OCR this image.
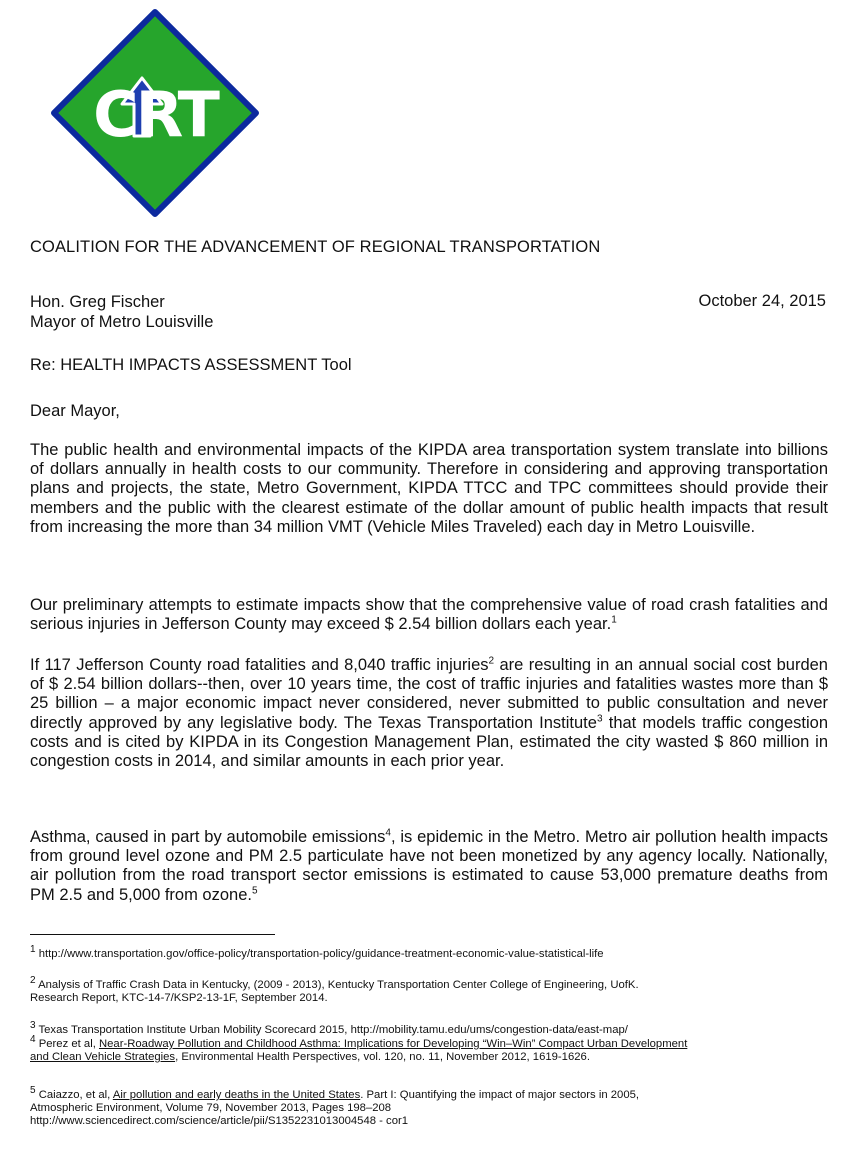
CRT
COALITION FOR THE ADVANCEMENT OF REGIONAL TRANSPORTATION
Hon. Greg Fischer
Mayor of Metro Louisville
October 24, 2015
Re: HEALTH IMPACTS ASSESSMENT Tool
Dear Mayor,

The public health and environmental impacts of the KIPDA area transportation system translate into billions of dollars annually in health costs to our community. Therefore in considering and approving transportation plans and projects, the state, Metro Government, KIPDA TTCC and TPC committees should provide their members and the public with the clearest estimate of the dollar amount of public health impacts that result from increasing the more than 34 million VMT (Vehicle Miles Traveled) each day in Metro Louisville.

Our preliminary attempts to estimate impacts show that the comprehensive value of road crash fatalities and serious injuries in Jefferson County may exceed $ 2.54 billion dollars each year.$^1$

If 117 Jefferson County road fatalities and 8,040 traffic injuries$^2$ are resulting in an annual social cost burden of $ 2.54 billion dollars--then, over 10 years time, the cost of traffic injuries and fatalities wastes more than $ 25 billion – a major economic impact never considered, never submitted to public consultation and never directly approved by any legislative body. The Texas Transportation Institute$^3$ that models traffic congestion costs and is cited by KIPDA in its Congestion Management Plan, estimated the city wasted $ 860 million in congestion costs in 2014, and similar amounts in each prior year.

Asthma, caused in part by automobile emissions$^4$, is epidemic in the Metro. Metro air pollution health impacts from ground level ozone and PM 2.5 particulate have not been monetized by any agency locally. Nationally, air pollution from the road transport sector emissions is estimated to cause 53,000 premature deaths from PM 2.5 and 5,000 from ozone.$^5$

$^1$ http://www.transportation.gov/office-policy/transportation-policy/guidance-treatment-economic-value-statistical-life

$^2$ Analysis of Traffic Crash Data in Kentucky, (2009 - 2013), Kentucky Transportation Center College of Engineering, UofK.
Research Report, KTC-14-7/KSP2-13-1F, September 2014.

$^3$ Texas Transportation Institute Urban Mobility Scorecard 2015, http://mobility.tamu.edu/ums/congestion-data/east-map/

$^4$ Perez et al, Near-Roadway Pollution and Childhood Asthma: Implications for Developing “Win–Win” Compact Urban Development
and Clean Vehicle Strategies, Environmental Health Perspectives, vol. 120, no. 11, November 2012, 1619-1626.

$^5$ Caiazzo, et al, Air pollution and early deaths in the United States. Part I: Quantifying the impact of major sectors in 2005,
Atmospheric Environment, Volume 79, November 2013, Pages 198–208
http://www.sciencedirect.com/science/article/pii/S1352231013004548 - cor1
